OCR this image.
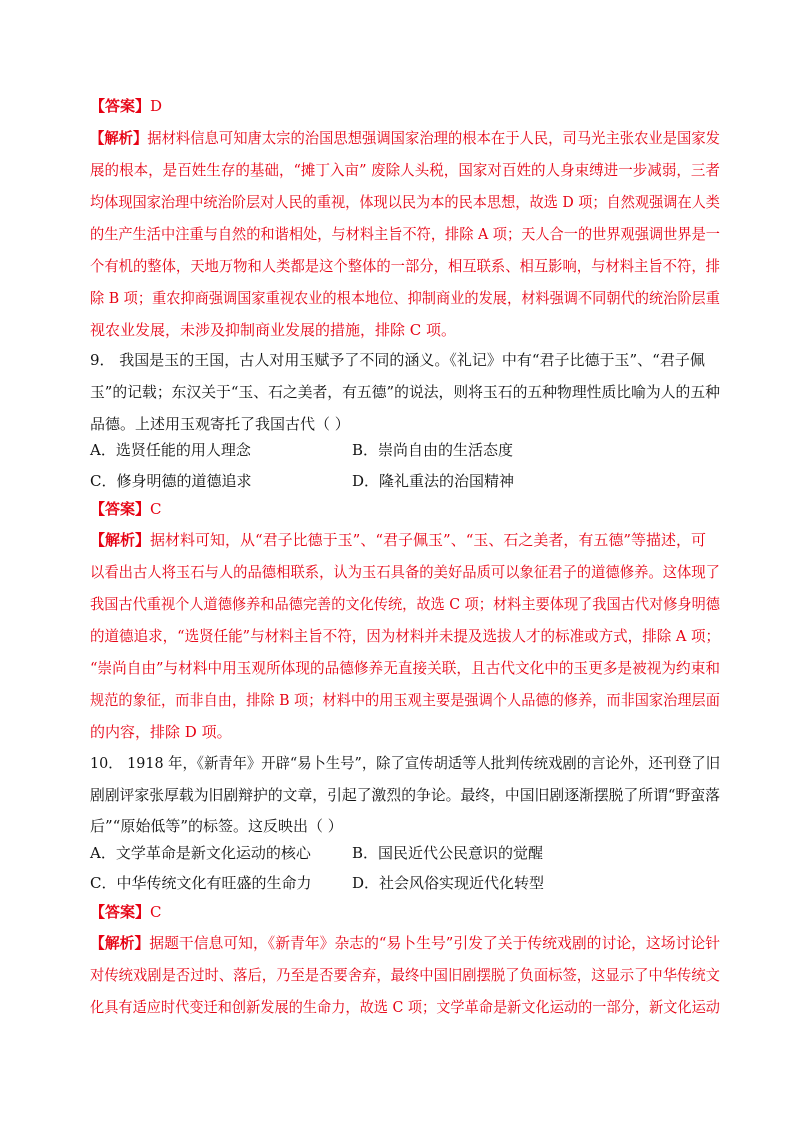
【答案】D
【解析】据材料信息可知唐太宗的治国思想强调国家治理的根本在于人民，司马光主张农业是国家发
展的根本，是百姓生存的基础，“摊丁入亩” 废除人头税，国家对百姓的人身束缚进一步减弱，三者
均体现国家治理中统治阶层对人民的重视，体现以民为本的民本思想，故选 D 项；自然观强调在人类
的生产生活中注重与自然的和谐相处，与材料主旨不符，排除 A 项；天人合一的世界观强调世界是一
个有机的整体，天地万物和人类都是这个整体的一部分，相互联系、相互影响，与材料主旨不符，排
除 B 项；重农抑商强调国家重视农业的根本地位、抑制商业的发展，材料强调不同朝代的统治阶层重
视农业发展，未涉及抑制商业发展的措施，排除 C 项。
9． 我国是玉的王国，古人对用玉赋予了不同的涵义。《礼记》中有“君子比德于玉”、“君子佩
玉”的记载；东汉关于“玉、石之美者，有五德”的说法，则将玉石的五种物理性质比喻为人的五种
品德。上述用玉观寄托了我国古代（ ）
A．选贤任能的用人理念	B．崇尚自由的生活态度
C．修身明德的道德追求	D．隆礼重法的治国精神
【答案】C
【解析】据材料可知，从“君子比德于玉”、“君子佩玉”、“玉、石之美者，有五德”等描述，可
以看出古人将玉石与人的品德相联系，认为玉石具备的美好品质可以象征君子的道德修养。这体现了
我国古代重视个人道德修养和品德完善的文化传统，故选 C 项；材料主要体现了我国古代对修身明德
的道德追求，“选贤任能”与材料主旨不符，因为材料并未提及选拔人才的标准或方式，排除 A 项；
“崇尚自由”与材料中用玉观所体现的品德修养无直接关联，且古代文化中的玉更多是被视为约束和
规范的象征，而非自由，排除 B 项；材料中的用玉观主要是强调个人品德的修养，而非国家治理层面
的内容，排除 D 项。
10． 1918 年，《新青年》开辟“易卜生号”，除了宣传胡适等人批判传统戏剧的言论外，还刊登了旧
剧剧评家张厚载为旧剧辩护的文章，引起了激烈的争论。最终，中国旧剧逐渐摆脱了所谓“野蛮落
后”“原始低等”的标签。这反映出（ ）
A．文学革命是新文化运动的核心	B．国民近代公民意识的觉醒
C．中华传统文化有旺盛的生命力	D．社会风俗实现近代化转型
【答案】C
【解析】据题干信息可知，《新青年》杂志的“易卜生号”引发了关于传统戏剧的讨论，这场讨论针
对传统戏剧是否过时、落后，乃至是否要舍弃，最终中国旧剧摆脱了负面标签，这显示了中华传统文
化具有适应时代变迁和创新发展的生命力，故选 C 项；文学革命是新文化运动的一部分，新文化运动
